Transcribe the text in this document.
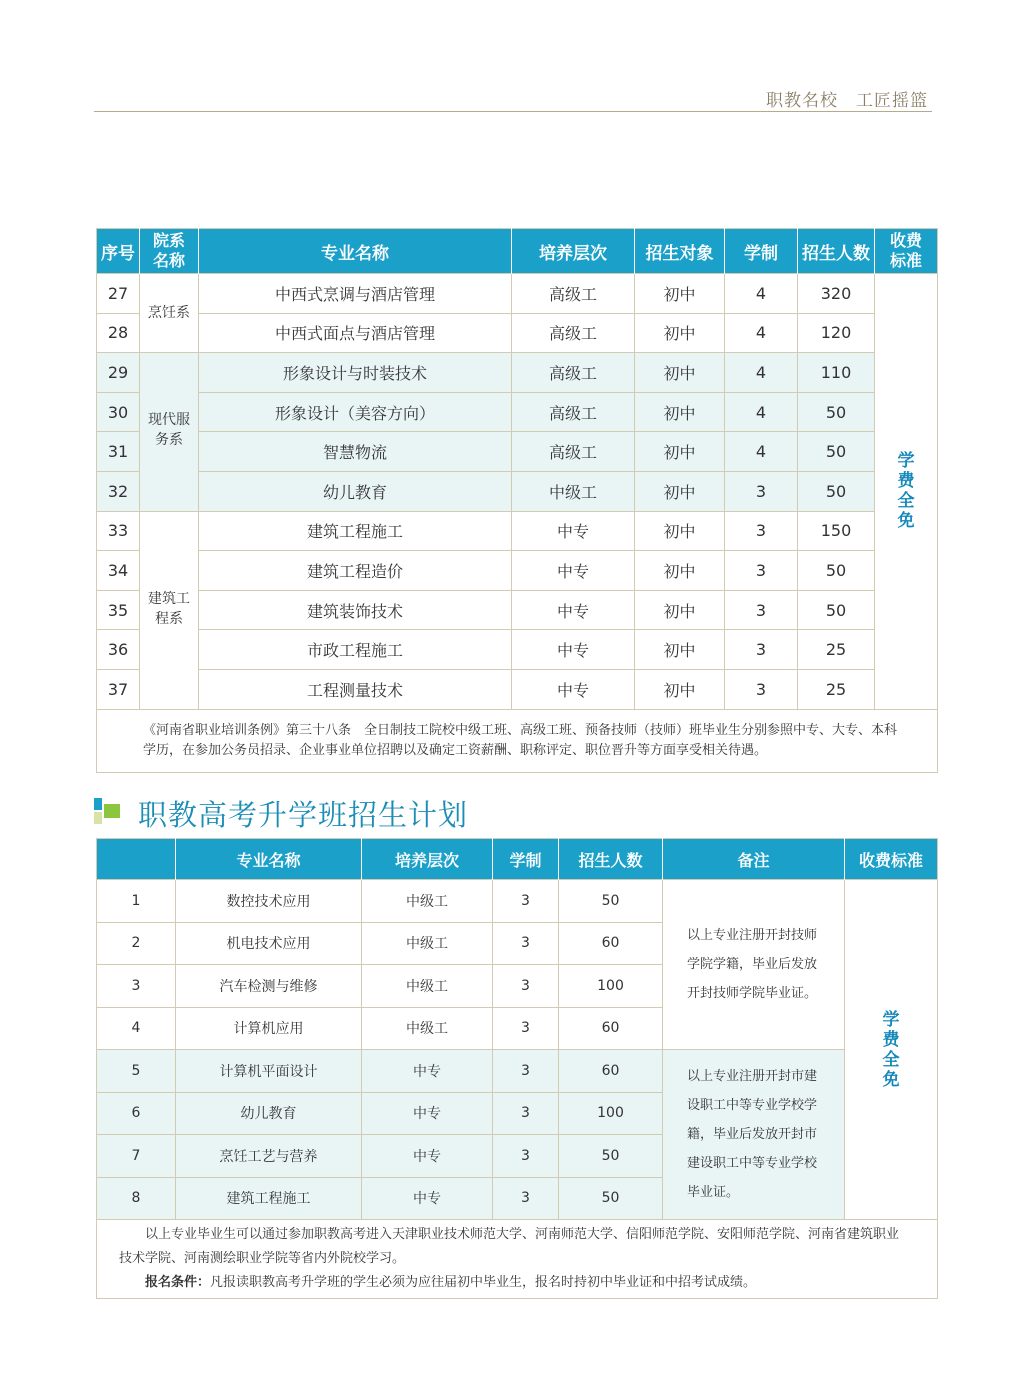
职教名校　工匠摇篮
序号	院系名称	专业名称	培养层次	招生对象	学制	招生人数	收费标准
27	烹饪系	中西式烹调与酒店管理	高级工	初中	4	320	学费全免
28		中西式面点与酒店管理	高级工	初中	4	120	
29	现代服务系	形象设计与时装技术	高级工	初中	4	110	
30		形象设计（美容方向）	高级工	初中	4	50	
31		智慧物流	高级工	初中	4	50	
32		幼儿教育	中级工	初中	3	50	
33	建筑工程系	建筑工程施工	中专	初中	3	150	
34		建筑工程造价	中专	初中	3	50	
35		建筑装饰技术	中专	初中	3	50	
36		市政工程施工	中专	初中	3	25	
37		工程测量技术	中专	初中	3	25	
《河南省职业培训条例》第三十八条　全日制技工院校中级工班、高级工班、预备技师（技师）班毕业生分别参照中专、大专、本科学历，在参加公务员招录、企业事业单位招聘以及确定工资薪酬、职称评定、职位晋升等方面享受相关待遇。							
职教高考升学班招生计划
	专业名称	培养层次	学制	招生人数	备注	收费标准
1	数控技术应用	中级工	3	50	以上专业注册开封技师学院学籍，毕业后发放开封技师学院毕业证。	学费全免
2	机电技术应用	中级工	3	60		
3	汽车检测与维修	中级工	3	100		
4	计算机应用	中级工	3	60		
5	计算机平面设计	中专	3	60	以上专业注册开封市建设职工中等专业学校学籍，毕业后发放开封市建设职工中等专业学校毕业证。	
6	幼儿教育	中专	3	100		
7	烹饪工艺与营养	中专	3	50		
8	建筑工程施工	中专	3	50		

以上专业毕业生可以通过参加职教高考进入天津职业技术师范大学、河南师范大学、信阳师范学院、安阳师范学院、河南省建筑职业技术学院、河南测绘职业学院等省内外院校学习。

报名条件：凡报读职教高考升学班的学生必须为应往届初中毕业生，报名时持初中毕业证和中招考试成绩。						
